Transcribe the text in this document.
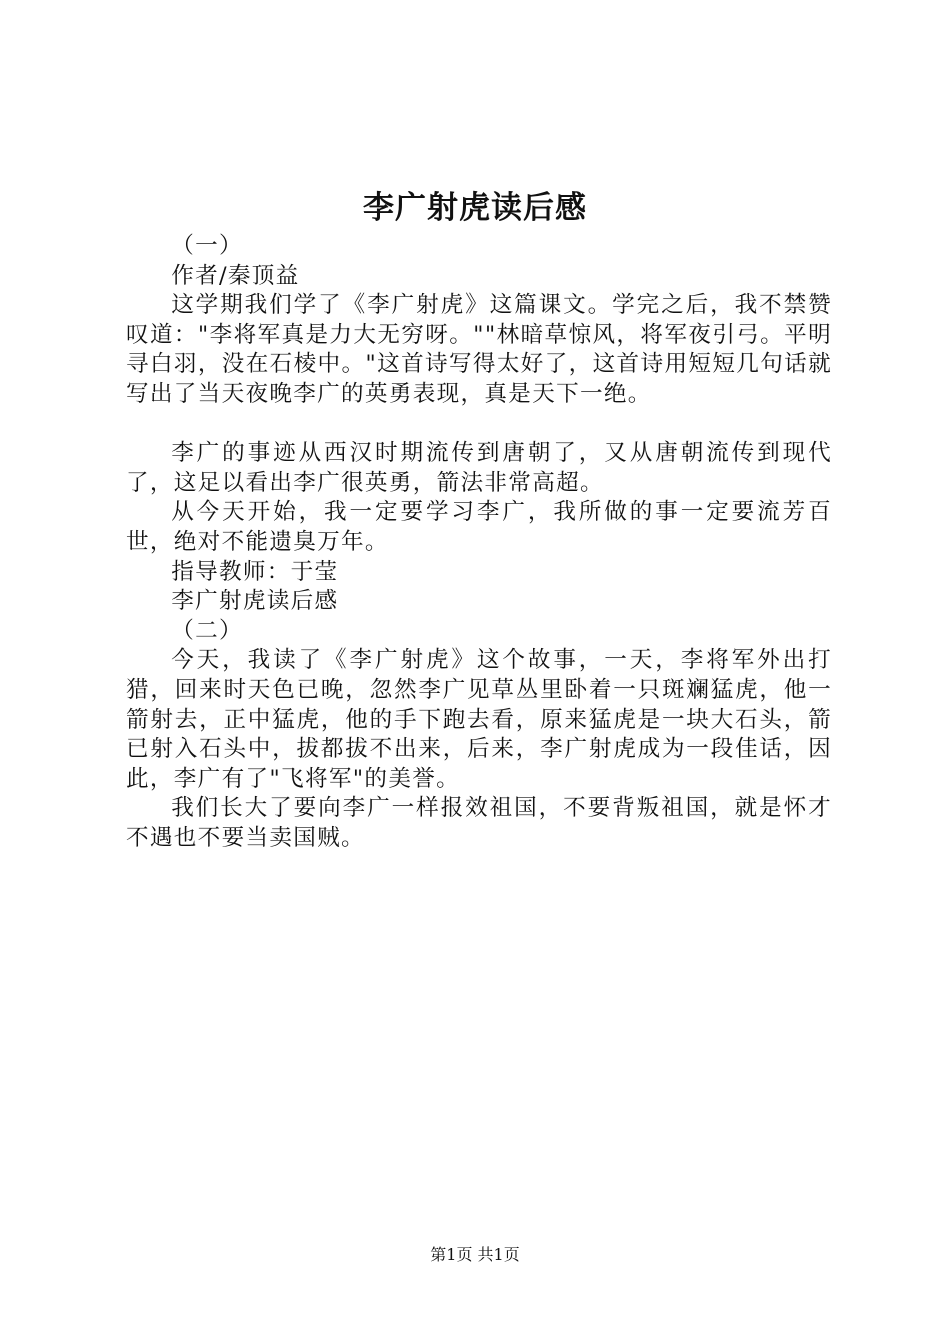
李广射虎读后感

（一）

作者/秦顶益

这学期我们学了《李广射虎》这篇课文。学完之后，我不禁赞叹道："李将军真是力大无穷呀。""林暗草惊风，将军夜引弓。平明寻白羽，没在石棱中。"这首诗写得太好了，这首诗用短短几句话就写出了当天夜晚李广的英勇表现，真是天下一绝。

李广的事迹从西汉时期流传到唐朝了，又从唐朝流传到现代了，这足以看出李广很英勇，箭法非常高超。

从今天开始，我一定要学习李广，我所做的事一定要流芳百世，绝对不能遗臭万年。

指导教师：于莹

李广射虎读后感

（二）

今天，我读了《李广射虎》这个故事，一天，李将军外出打猎，回来时天色已晚，忽然李广见草丛里卧着一只斑斓猛虎，他一箭射去，正中猛虎，他的手下跑去看，原来猛虎是一块大石头，箭已射入石头中，拔都拔不出来，后来，李广射虎成为一段佳话，因此，李广有了"飞将军"的美誉。

我们长大了要向李广一样报效祖国，不要背叛祖国，就是怀才不遇也不要当卖国贼。

第1页 共1页
